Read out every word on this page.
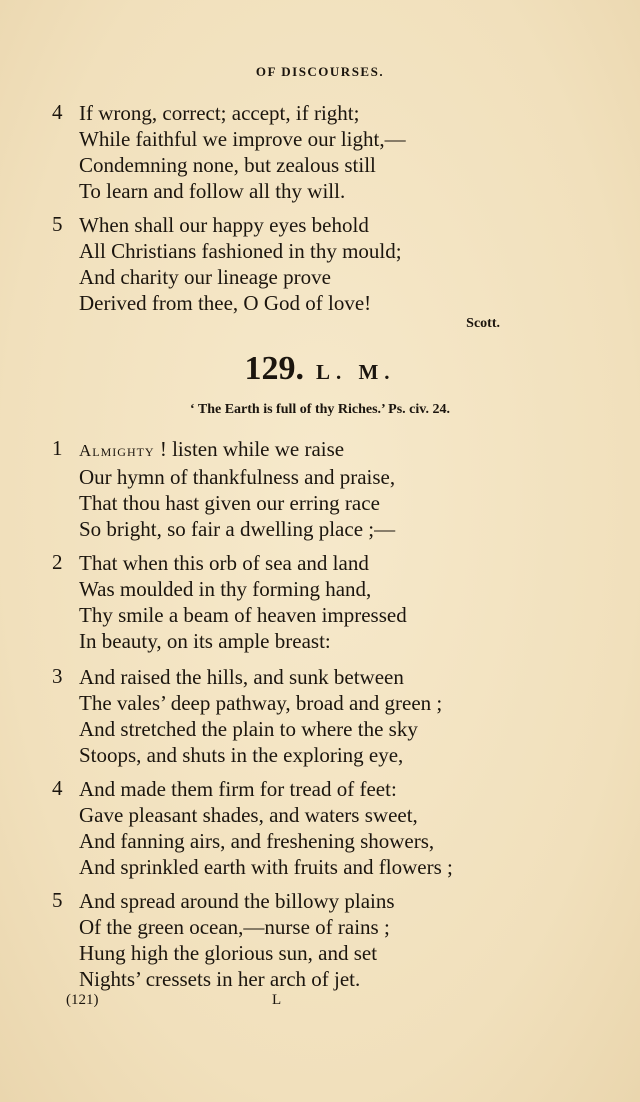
OF DISCOURSES.
4 If wrong, correct; accept, if right;
While faithful we improve our light,—
Condemning none, but zealous still
To learn and follow all thy will.
5 When shall our happy eyes behold
All Christians fashioned in thy mould;
And charity our lineage prove
Derived from thee, O God of love!
Scott.
129. L. M.
‘ The Earth is full of thy Riches.’ Ps. civ. 24.
1 Almighty ! listen while we raise
Our hymn of thankfulness and praise,
That thou hast given our erring race
So bright, so fair a dwelling place ;—
2 That when this orb of sea and land
Was moulded in thy forming hand,
Thy smile a beam of heaven impressed
In beauty, on its ample breast:
3 And raised the hills, and sunk between
The vales’ deep pathway, broad and green ;
And stretched the plain to where the sky
Stoops, and shuts in the exploring eye,
4 And made them firm for tread of feet:
Gave pleasant shades, and waters sweet,
And fanning airs, and freshening showers,
And sprinkled earth with fruits and flowers ;
5 And spread around the billowy plains
Of the green ocean,—nurse of rains ;
Hung high the glorious sun, and set
Nights’ cressets in her arch of jet.
(121)	L
